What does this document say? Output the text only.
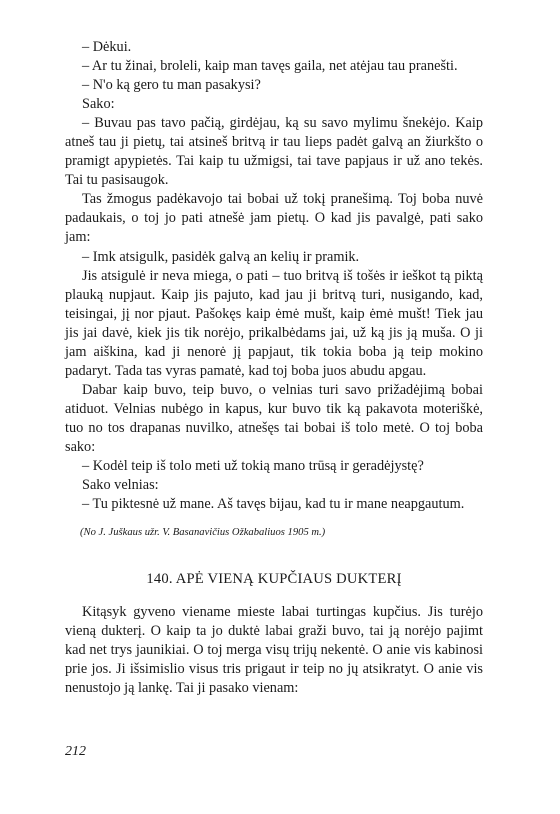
– Dėkui.

– Ar tu žinai, broleli, kaip man tavęs gaila, net atėjau tau pranešti.

– N'o ką gero tu man pasakysi?

Sako:

– Buvau pas tavo pačią, girdėjau, ką su savo mylimu šnekėjo. Kaip atneš tau ji pietų, tai atsineš britvą ir tau lieps padėt galvą an žiurkšto o pramigt apypietės. Tai kaip tu užmigsi, tai tave papjaus ir už ano tekės. Tai tu pasisaugok.

Tas žmogus padėkavojo tai bobai už tokį pranešimą. Toj boba nuvė padaukais, o toj jo pati atnešė jam pietų. O kad jis pavalgė, pati sako jam:

– Imk atsigulk, pasidėk galvą an kelių ir pramik.

Jis atsigulė ir neva miega, o pati – tuo britvą iš tošės ir ieškot tą piktą plauką nupjaut. Kaip jis pajuto, kad jau ji britvą turi, nusigando, kad, teisingai, jį nor pjaut. Pašokęs kaip ėmė mušt, kaip ėmė mušt! Tiek jau jis jai davė, kiek jis tik norėjo, prikalbėdams jai, už ką jis ją muša. O ji jam aiškina, kad ji nenorė jį papjaut, tik tokia boba ją teip mokino padaryt. Tada tas vyras pamatė, kad toj boba juos abudu apgau.

Dabar kaip buvo, teip buvo, o velnias turi savo prižadėjimą bobai atiduot. Velnias nubėgo in kapus, kur buvo tik ką pakavota moteriškė, tuo no tos drapanas nuvilko, atnešęs tai bobai iš tolo metė. O toj boba sako:

– Kodėl teip iš tolo meti už tokią mano trūsą ir geradėjystę?

Sako velnias:

– Tu piktesnė už mane. Aš tavęs bijau, kad tu ir mane neapgautum.

(No J. Juškaus užr. V. Basanavičius Ožkabaliuos 1905 m.)

140. APĖ VIENĄ KUPČIAUS DUKTERĮ

Kitąsyk gyveno viename mieste labai turtingas kupčius. Jis turėjo vieną dukterį. O kaip ta jo duktė labai graži buvo, tai ją norėjo pajimt kad net trys jaunikiai. O toj merga visų trijų nekentė. O anie vis kabinosi prie jos. Ji išsimislio visus tris prigaut ir teip no jų atsikratyt. O anie vis nenustojo ją lankę. Tai ji pasako vienam:

212
